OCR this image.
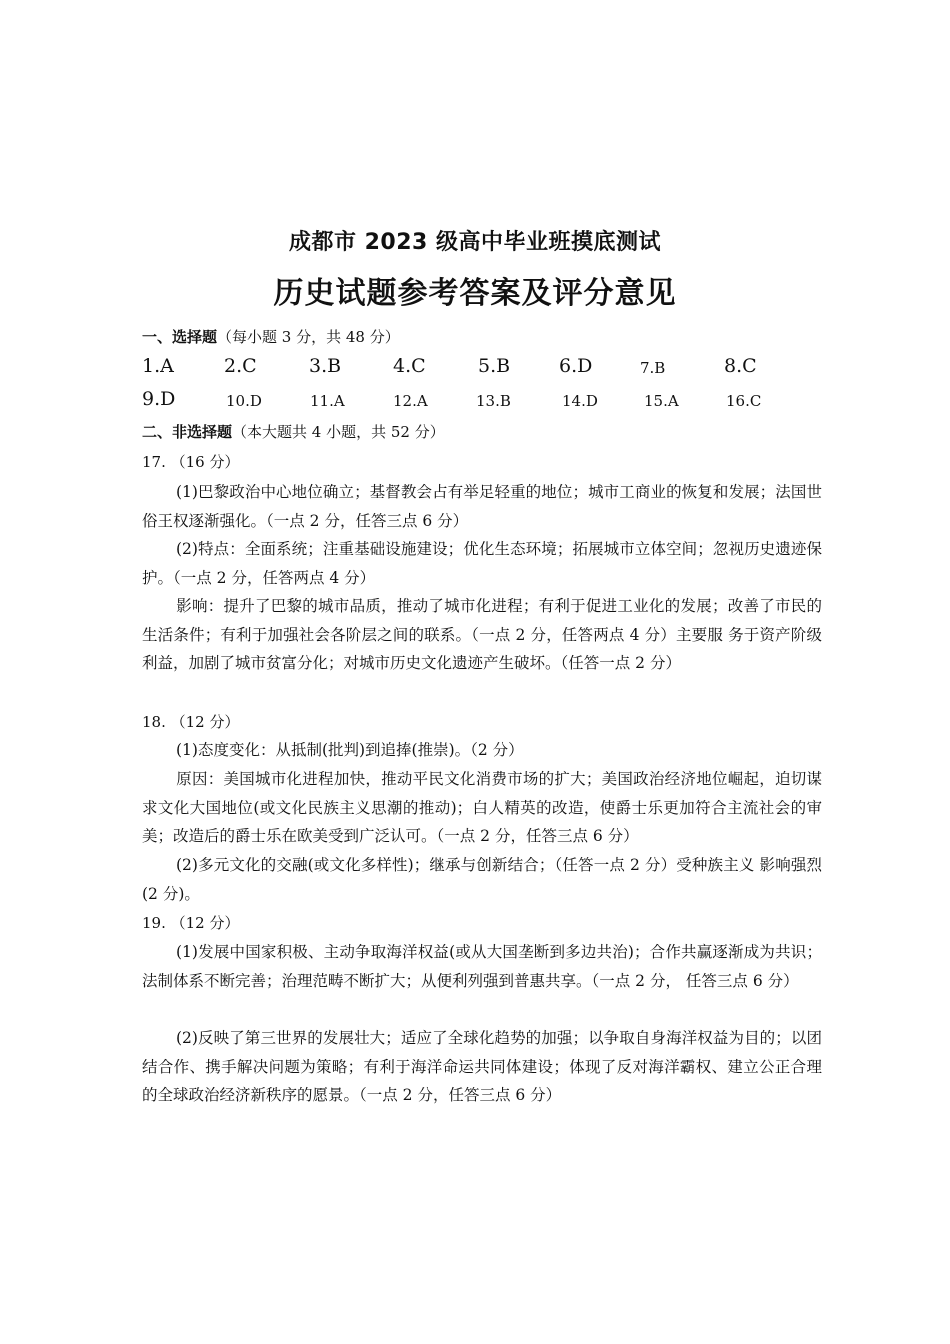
成都市 2023 级高中毕业班摸底测试
历史试题参考答案及评分意见
一、选择题（每小题 3 分，共 48 分）
1.A	2.C	3.B	4.C	5.B	6.D	7.B	8.C
9.D	10.D	11.A	12.A	13.B	14.D	15.A	16.C
二、非选择题（本大题共 4 小题，共 52 分）
17. （16 分）
(1)巴黎政治中心地位确立；基督教会占有举足轻重的地位；城市工商业的恢复和发展；法国世俗王权逐渐强化。（一点 2 分，任答三点 6 分）
(2)特点：全面系统；注重基础设施建设；优化生态环境；拓展城市立体空间；忽视历史遗迹保护。（一点 2 分，任答两点 4 分）
影响：提升了巴黎的城市品质，推动了城市化进程；有利于促进工业化的发展；改善了市民的生活条件；有利于加强社会各阶层之间的联系。（一点 2 分，任答两点 4 分）主要服 务于资产阶级利益，加剧了城市贫富分化；对城市历史文化遗迹产生破坏。（任答一点 2 分）
18. （12 分）
(1)态度变化：从抵制(批判)到追捧(推崇)。（2 分）
原因：美国城市化进程加快，推动平民文化消费市场的扩大；美国政治经济地位崛起，迫切谋求文化大国地位(或文化民族主义思潮的推动)；白人精英的改造，使爵士乐更加符合主流社会的审美；改造后的爵士乐在欧美受到广泛认可。（一点 2 分，任答三点 6 分）
(2)多元文化的交融(或文化多样性)；继承与创新结合；（任答一点 2 分）受种族主义 影响强烈(2 分)。
19. （12 分）
(1)发展中国家积极、主动争取海洋权益(或从大国垄断到多边共治)；合作共赢逐渐成为共识；法制体系不断完善；治理范畴不断扩大；从便利列强到普惠共享。（一点 2 分， 任答三点 6 分）
(2)反映了第三世界的发展壮大；适应了全球化趋势的加强；以争取自身海洋权益为目的；以团结合作、携手解决问题为策略；有利于海洋命运共同体建设；体现了反对海洋霸权、建立公正合理的全球政治经济新秩序的愿景。（一点 2 分，任答三点 6 分）
